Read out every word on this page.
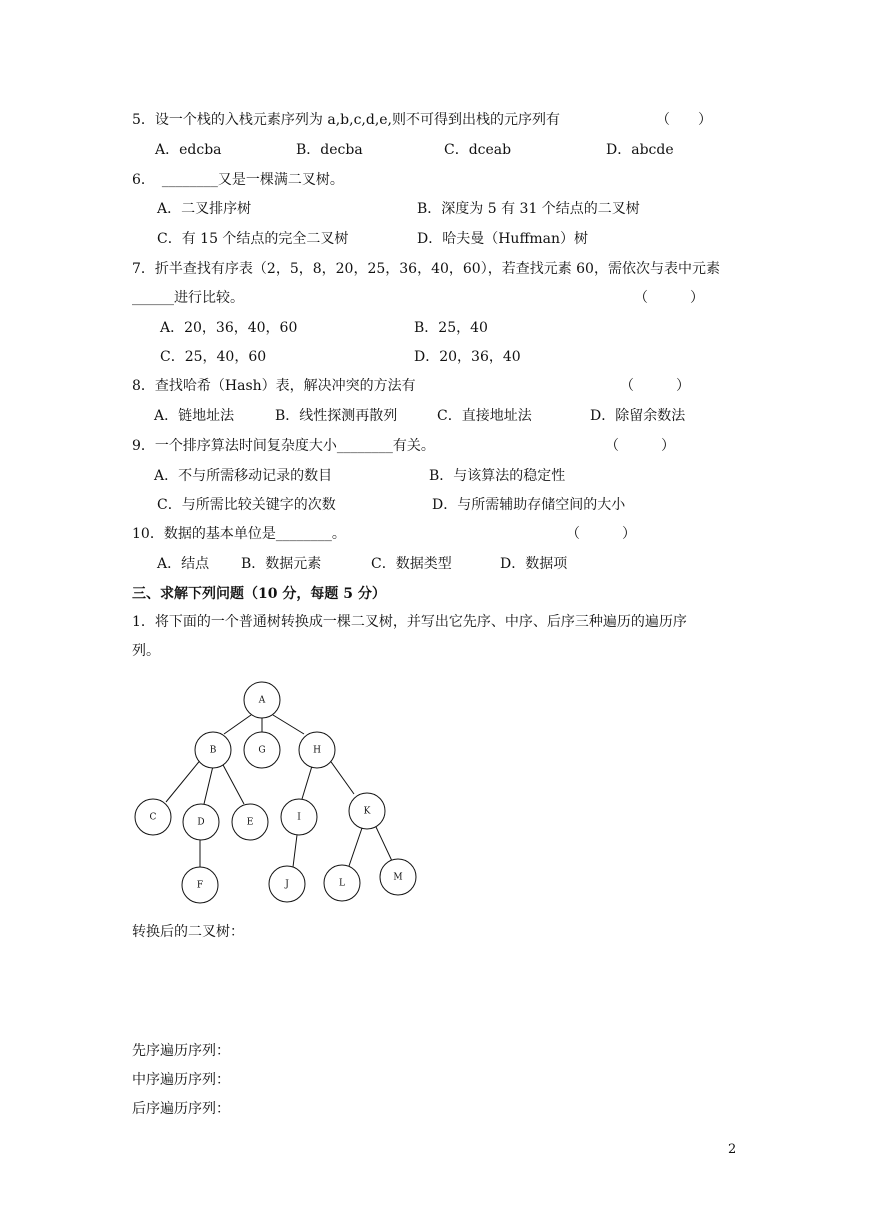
5．设一个栈的入栈元素序列为 a,b,c,d,e,则不可得到出栈的元序列有	（　　）
A．edcba	B．decba	C．dceab	D．abcde
6．　________又是一棵满二叉树。
A．二叉排序树	B．深度为 5 有 31 个结点的二叉树
C．有 15 个结点的完全二叉树	D．哈夫曼（Huffman）树
7．折半查找有序表（2，5，8，20，25，36，40，60），若查找元素 60，需依次与表中元素
______进行比较。	（　　　）
A．20，36，40，60	B．25，40
C．25，40，60	D．20，36，40
8．查找哈希（Hash）表，解决冲突的方法有	（　　　）
A．链地址法	B．线性探测再散列	C．直接地址法	D．除留余数法
9．一个排序算法时间复杂度大小________有关。	（　　　）
A．不与所需移动记录的数目	B．与该算法的稳定性
C．与所需比较关键字的次数	D．与所需辅助存储空间的大小
10．数据的基本单位是________。	（　　　）
A．结点 B．数据元素	C．数据类型	D．数据项
三、求解下列问题（10 分，每题 5 分）
1．将下面的一个普通树转换成一棵二叉树，并写出它先序、中序、后序三种遍历的遍历序
列。
A
B	G	H
C	D	E	I
K
F	J	L
M
转换后的二叉树：
先序遍历序列：
中序遍历序列：
后序遍历序列：
2
